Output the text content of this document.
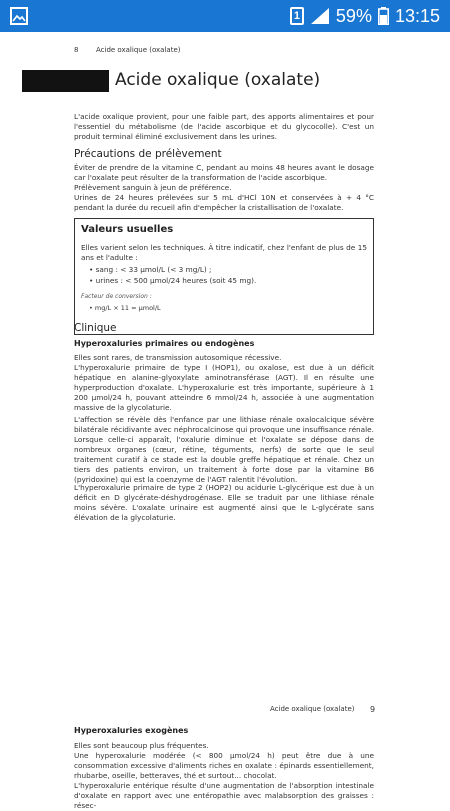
1 59% 13:15
8	Acide oxalique (oxalate)
Acide oxalique (oxalate)
L'acide oxalique provient, pour une faible part, des apports alimentaires et pour l'essentiel du métabolisme (de l'acide ascorbique et du glycocolle). C'est un produit terminal éliminé exclusivement dans les urines.
Précautions de prélèvement
Éviter de prendre de la vitamine C, pendant au moins 48 heures avant le dosage car l'oxalate peut résulter de la transformation de l'acide ascorbique.
Prélèvement sanguin à jeun de préférence.
Urines de 24 heures prélevées sur 5 mL d'HCl 10N et conservées à + 4 °C pendant la durée du recueil afin d'empêcher la cristallisation de l'oxalate.
Valeurs usuelles
Elles varient selon les techniques. À titre indicatif, chez l'enfant de plus de 15 ans et l'adulte :
• sang : < 33 µmol/L (< 3 mg/L) ;
• urines : < 500 µmol/24 heures (soit 45 mg).
Facteur de conversion :
• mg/L × 11 = µmol/L
Clinique
Hyperoxaluries primaires ou endogènes
Elles sont rares, de transmission autosomique récessive.
L'hyperoxalurie primaire de type I (HOP1), ou oxalose, est due à un déficit hépatique en alanine-glyoxylate aminotransférase (AGT). Il en résulte une hyperproduction d'oxalate. L'hyperoxalurie est très importante, supérieure à 1 200 µmol/24 h, pouvant atteindre 6 mmol/24 h, associée à une augmentation massive de la glycolaturie.
L'affection se révèle dès l'enfance par une lithiase rénale oxalocalcique sévère bilatérale récidivante avec néphrocalcinose qui provoque une insuffisance rénale. Lorsque celle-ci apparaît, l'oxalurie diminue et l'oxalate se dépose dans de nombreux organes (cœur, rétine, téguments, nerfs) de sorte que le seul traitement curatif à ce stade est la double greffe hépatique et rénale. Chez un tiers des patients environ, un traitement à forte dose par la vitamine B6 (pyridoxine) qui est la coenzyme de l'AGT ralentit l'évolution.
L'hyperoxalurie primaire de type 2 (HOP2) ou acidurie L-glycérique est due à un déficit en D glycérate-déshydrogénase. Elle se traduit par une lithiase rénale moins sévère. L'oxalate urinaire est augmenté ainsi que le L-glycérate sans élévation de la glycolaturie.
Acide oxalique (oxalate) 9
Hyperoxaluries exogènes
Elles sont beaucoup plus fréquentes.
Une hyperoxalurie modérée (< 800 µmol/24 h) peut être due à une consommation excessive d'aliments riches en oxalate : épinards essentiellement, rhubarbe, oseille, betteraves, thé et surtout... chocolat.
L'hyperoxalurie entérique résulte d'une augmentation de l'absorption intestinale d'oxalate en rapport avec une entéropathie avec malabsorption des graisses : résec-
